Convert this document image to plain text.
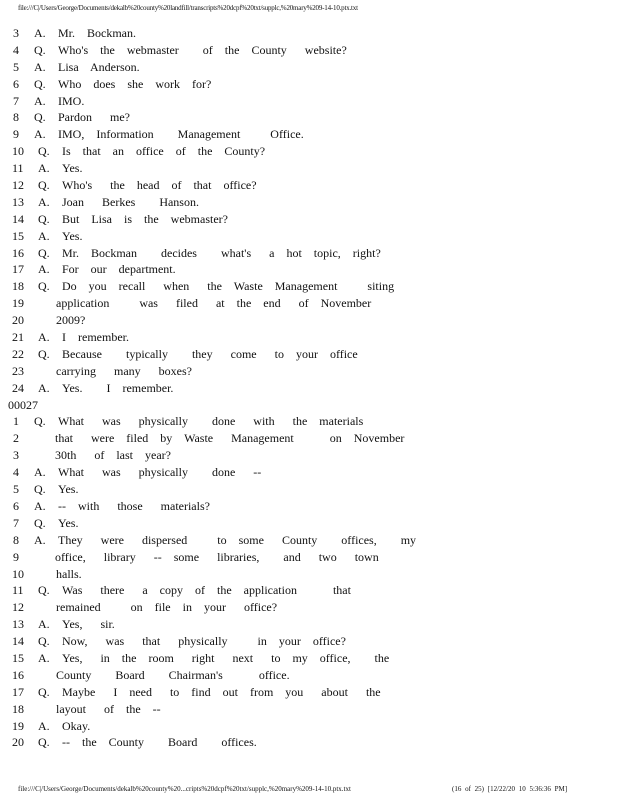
file:///C|/Users/George/Documents/dekalb%20county%20landfill/transcripts%20dcpf%20txt/supplc,%20mary%209-14-10.ptx.txt
3	A. Mr.  Bockman.
4	Q. Who's  the  webmaster    of  the  County   website?
5	A. Lisa  Anderson.
6	Q. Who  does  she  work  for?
7	A. IMO.
8	Q. Pardon   me?
9	A. IMO,  Information    Management     Office.
10 Q. Is  that  an  office  of  the  County?
11 A. Yes.
12 Q. Who's   the  head  of  that  office?
13 A. Joan   Berkes    Hanson.
14 Q. But  Lisa  is  the  webmaster?
15 A. Yes.
16 Q. Mr.  Bockman    decides    what's   a  hot  topic,  right?
17 A. For  our  department.
18 Q. Do  you  recall   when   the  Waste  Management     siting
19	application     was   filed   at  the  end   of  November
20	2009?
21 A. I  remember.
22 Q. Because    typically    they   come   to  your  office
23	carrying   many   boxes?
24 A. Yes.    I  remember.
00027
1	Q. What   was   physically    done   with   the  materials
2	that   were  filed  by  Waste   Management      on  November
3	30th   of  last  year?
4	A. What   was   physically    done   --
5	Q. Yes.
6	A. --  with   those   materials?
7	Q. Yes.
8	A. They   were   dispersed     to  some   County    offices,    my
9	office,   library   --  some   libraries,    and   two   town
10	halls.
11 Q. Was   there   a  copy  of  the  application      that
12	remained     on  file  in  your   office?
13 A. Yes,   sir.
14 Q. Now,   was   that   physically     in  your  office?
15 A. Yes,   in  the  room   right   next   to  my  office,    the
16	County    Board    Chairman's      office.
17 Q. Maybe   I  need   to  find  out  from  you   about   the
18	layout   of  the  --
19 A. Okay.
20 Q. --  the  County    Board    offices.
file:///C|/Users/George/Documents/dekalb%20county%20...cripts%20dcpf%20txt/supplc,%20mary%209-14-10.ptx.txt	(16 of 25) [12/22/20 10 5:36:36 PM]
